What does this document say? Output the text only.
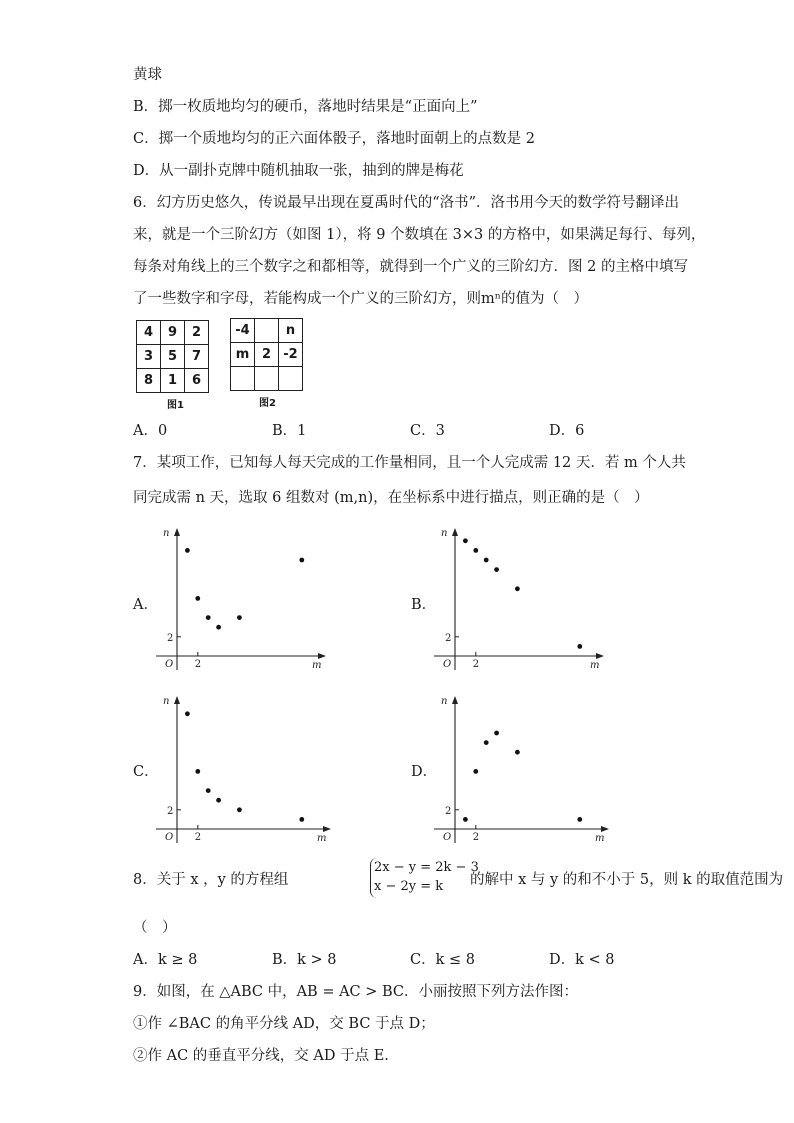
黄球
B．掷一枚质地均匀的硬币，落地时结果是“正面向上”
C．掷一个质地均匀的正六面体骰子，落地时面朝上的点数是 2
D．从一副扑克牌中随机抽取一张，抽到的牌是梅花
6．幻方历史悠久，传说最早出现在夏禹时代的“洛书”．洛书用今天的数学符号翻译出
来，就是一个三阶幻方（如图 1），将 9 个数填在 3×3 的方格中，如果满足每行、每列，
每条对角线上的三个数字之和都相等，就得到一个广义的三阶幻方．图 2 的主格中填写
了一些数字和字母，若能构成一个广义的三阶幻方，则mⁿ的值为（　）
4	9	2
3	5	7
8	1	6
图1
-4		n
m	2	-2

图2
A．0	B．1	C．3	D．6
7．某项工作，已知每人每天完成的工作量相同，且一个人完成需 12 天．若 m 个人共
同完成需 n 天，选取 6 组数对 (m,n)，在坐标系中进行描点，则正确的是（　）
A．	B．
C．	D．
n
m
O 2
2
n
m
O 2
2
n
m
O 2
2
n
m
O 2
2
8．关于 x ，y 的方程组
2x − y = 2k − 3
x − 2y = k	的解中 x 与 y 的和不小于 5，则 k 的取值范围为
（　）
A．k ≥ 8	B．k > 8	C．k ≤ 8	D．k < 8
9．如图，在 △ABC 中，AB = AC > BC．小丽按照下列方法作图：
①作 ∠BAC 的角平分线 AD，交 BC 于点 D；
②作 AC 的垂直平分线，交 AD 于点 E.
